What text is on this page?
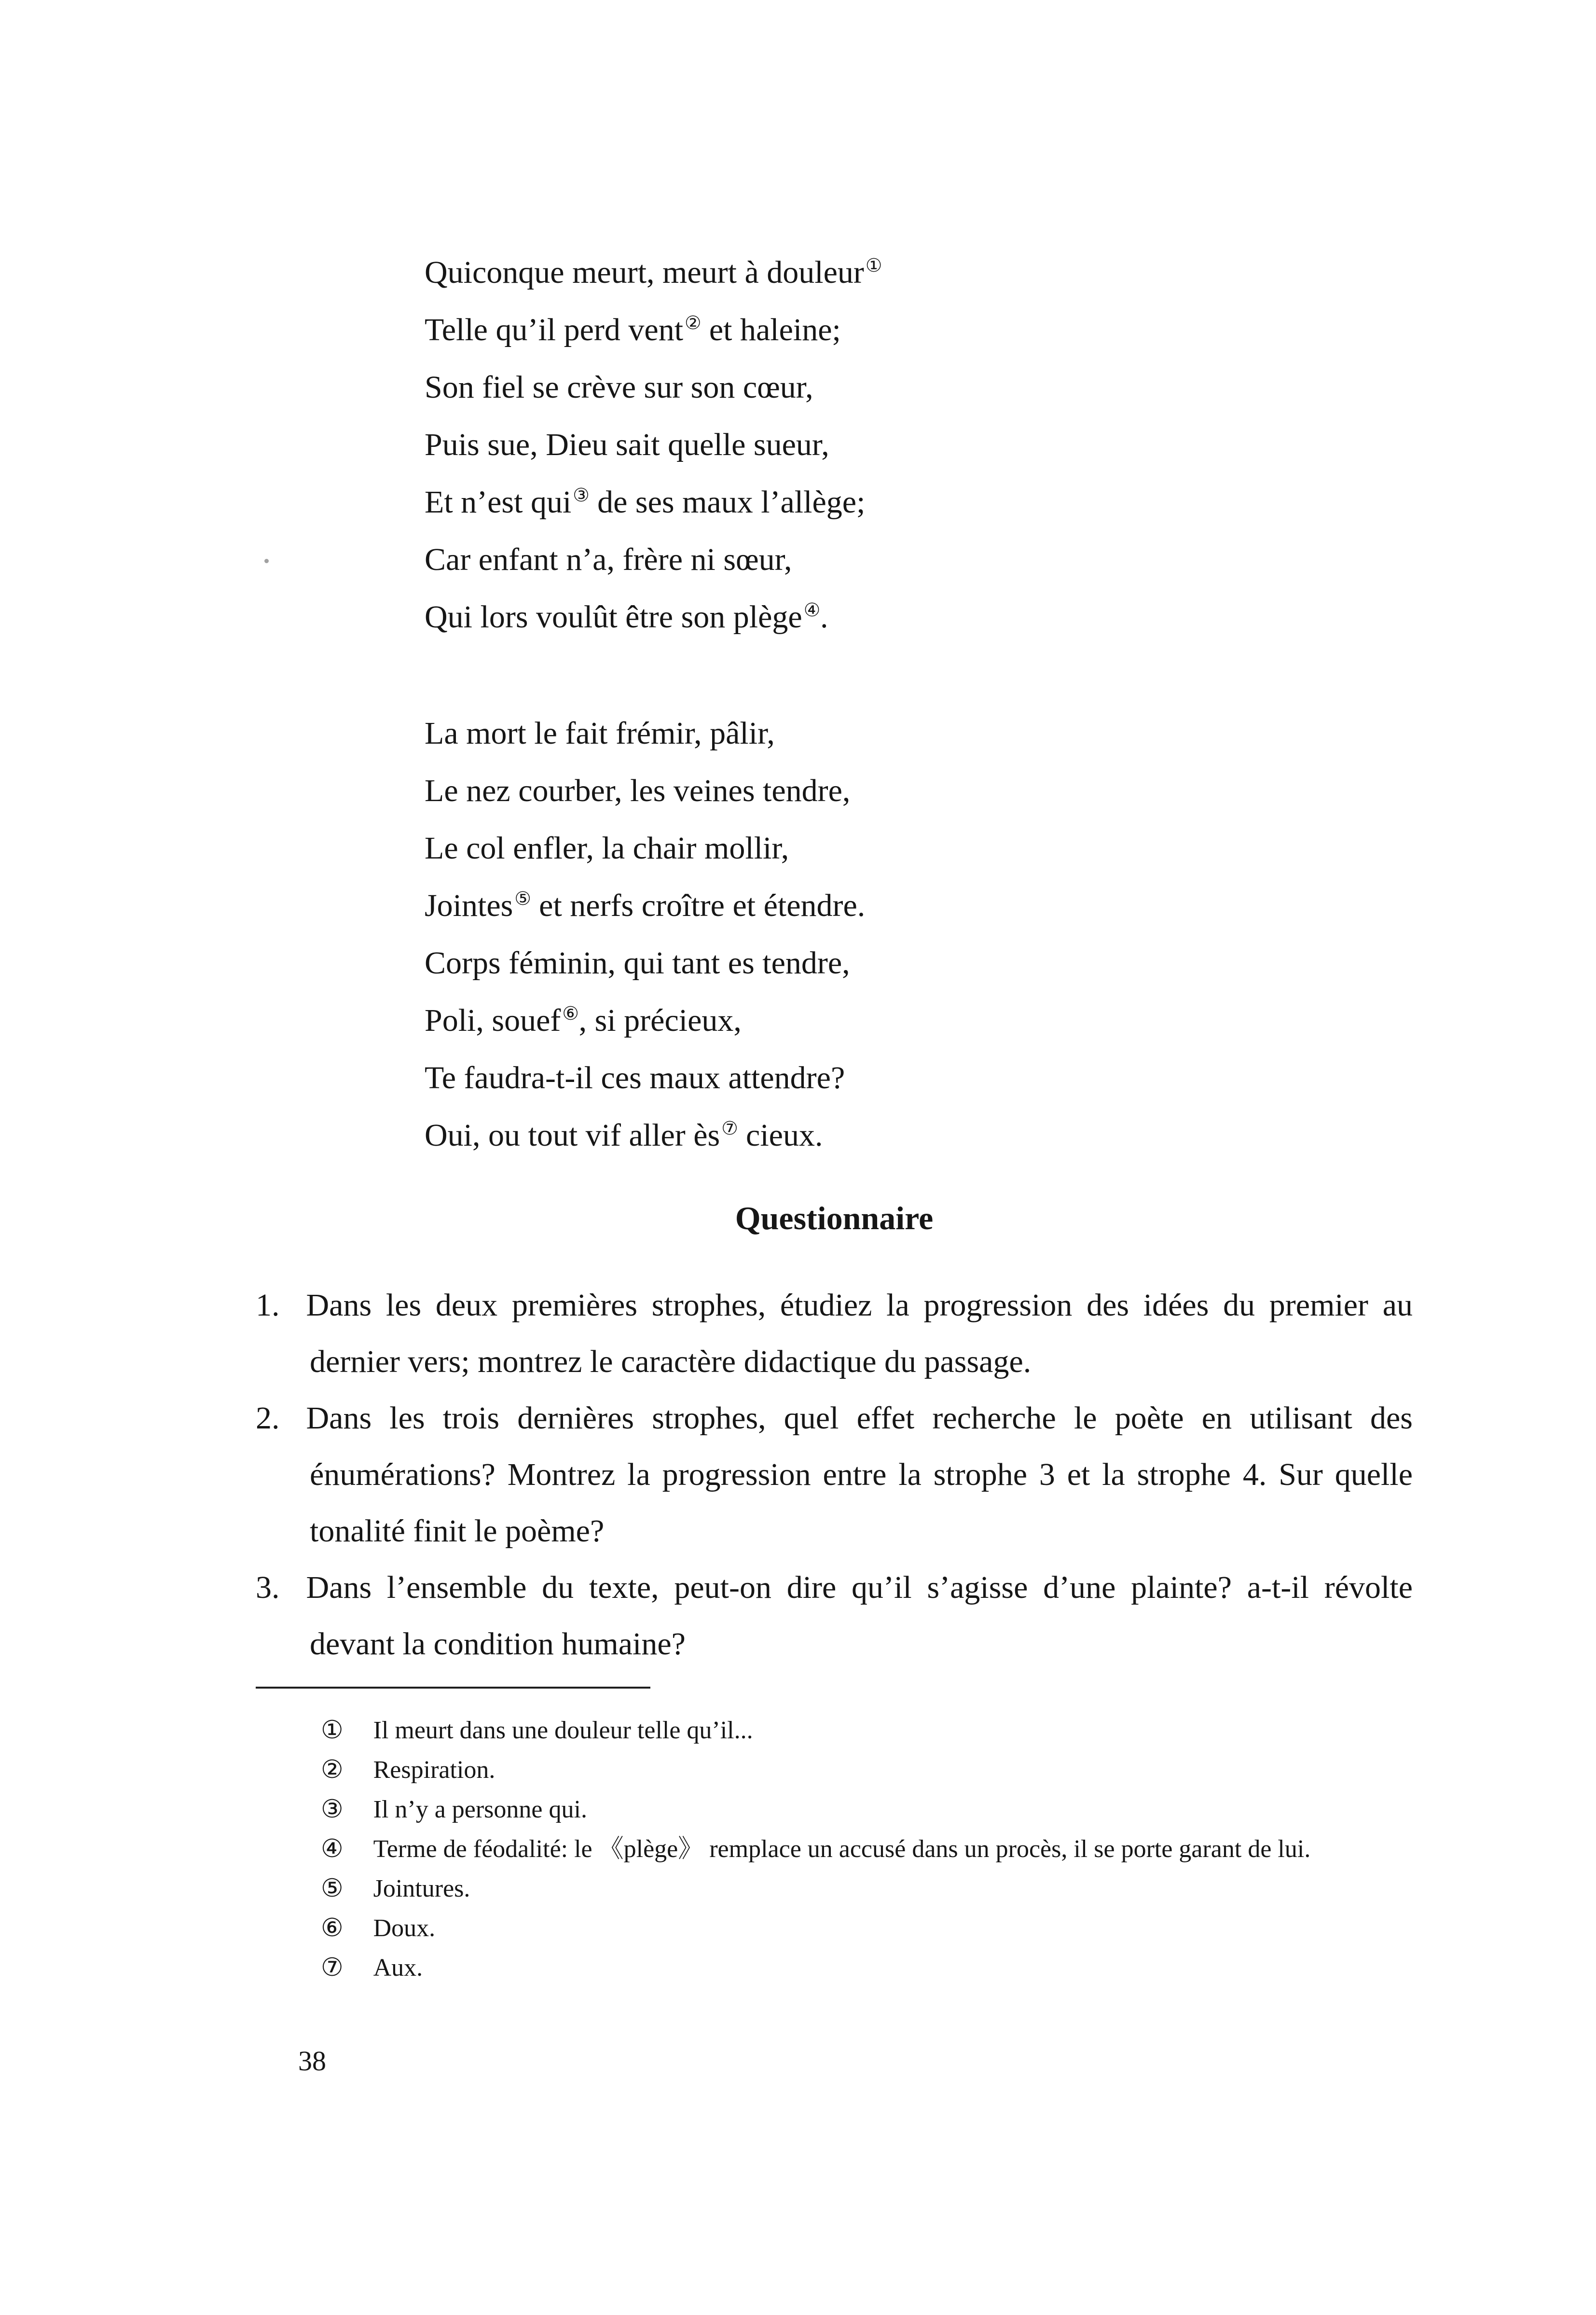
Quiconque meurt, meurt à douleur①
Telle qu’il perd vent② et haleine;
Son fiel se crève sur son cœur,
Puis sue, Dieu sait quelle sueur,
Et n’est qui③ de ses maux l’allège;
Car enfant n’a, frère ni sœur,
Qui lors voulût être son plège④.
La mort le fait frémir, pâlir,
Le nez courber, les veines tendre,
Le col enfler, la chair mollir,
Jointes⑤ et nerfs croître et étendre.
Corps féminin, qui tant es tendre,
Poli, souef⑥, si précieux,
Te faudra-t-il ces maux attendre?
Oui, ou tout vif aller ès⑦ cieux.
Questionnaire

1. Dans les deux premières strophes, étudiez la progression des idées du premier au dernier vers; montrez le caractère didactique du passage.

2. Dans les trois dernières strophes, quel effet recherche le poète en utilisant des énumérations? Montrez la progression entre la strophe 3 et la strophe 4. Sur quelle tonalité finit le poème?

3. Dans l’ensemble du texte, peut-on dire qu’il s’agisse d’une plainte? a-t-il révolte devant la condition humaine?

① Il meurt dans une douleur telle qu’il...

② Respiration.

③ Il n’y a personne qui.

④ Terme de féodalité: le 《plège》 remplace un accusé dans un procès, il se porte garant de lui.

⑤ Jointures.

⑥ Doux.

⑦ Aux.

38
